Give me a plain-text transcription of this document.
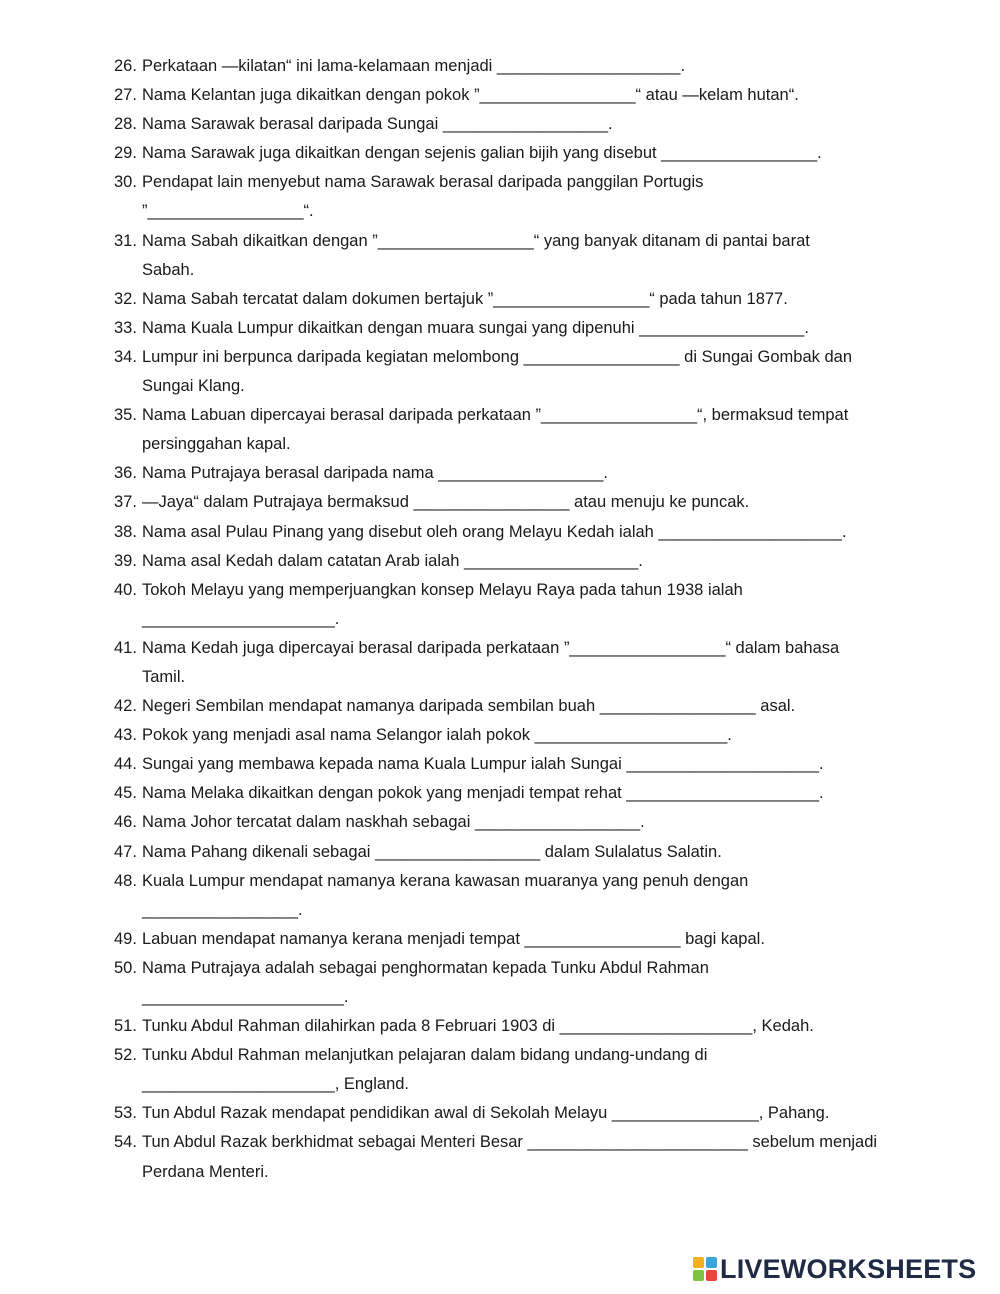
26. Perkataan —kilatan“ ini lama-kelamaan menjadi ____________________.
27. Nama Kelantan juga dikaitkan dengan pokok ”_________________“ atau —kelam hutan“.
28. Nama Sarawak berasal daripada Sungai __________________.
29. Nama Sarawak juga dikaitkan dengan sejenis galian bijih yang disebut _________________.
30. Pendapat lain menyebut nama Sarawak berasal daripada panggilan Portugis
”_________________“.
31. Nama Sabah dikaitkan dengan ”_________________“ yang banyak ditanam di pantai barat
Sabah.
32. Nama Sabah tercatat dalam dokumen bertajuk ”_________________“ pada tahun 1877.
33. Nama Kuala Lumpur dikaitkan dengan muara sungai yang dipenuhi __________________.
34. Lumpur ini berpunca daripada kegiatan melombong _________________ di Sungai Gombak dan
Sungai Klang.
35. Nama Labuan dipercayai berasal daripada perkataan ”_________________“, bermaksud tempat
persinggahan kapal.
36. Nama Putrajaya berasal daripada nama __________________.
37. —Jaya“ dalam Putrajaya bermaksud _________________ atau menuju ke puncak.
38. Nama asal Pulau Pinang yang disebut oleh orang Melayu Kedah ialah ____________________.
39. Nama asal Kedah dalam catatan Arab ialah ___________________.
40. Tokoh Melayu yang memperjuangkan konsep Melayu Raya pada tahun 1938 ialah
_____________________.
41. Nama Kedah juga dipercayai berasal daripada perkataan ”_________________“ dalam bahasa
Tamil.
42. Negeri Sembilan mendapat namanya daripada sembilan buah _________________ asal.
43. Pokok yang menjadi asal nama Selangor ialah pokok _____________________.
44. Sungai yang membawa kepada nama Kuala Lumpur ialah Sungai _____________________.
45. Nama Melaka dikaitkan dengan pokok yang menjadi tempat rehat _____________________.
46. Nama Johor tercatat dalam naskhah sebagai __________________.
47. Nama Pahang dikenali sebagai __________________ dalam Sulalatus Salatin.
48. Kuala Lumpur mendapat namanya kerana kawasan muaranya yang penuh dengan
_________________.
49. Labuan mendapat namanya kerana menjadi tempat _________________ bagi kapal.
50. Nama Putrajaya adalah sebagai penghormatan kepada Tunku Abdul Rahman
______________________.
51. Tunku Abdul Rahman dilahirkan pada 8 Februari 1903 di _____________________, Kedah.
52. Tunku Abdul Rahman melanjutkan pelajaran dalam bidang undang-undang di
_____________________, England.
53. Tun Abdul Razak mendapat pendidikan awal di Sekolah Melayu ________________, Pahang.
54. Tun Abdul Razak berkhidmat sebagai Menteri Besar ________________________ sebelum menjadi
Perdana Menteri.
LIVEWORKSHEETS
